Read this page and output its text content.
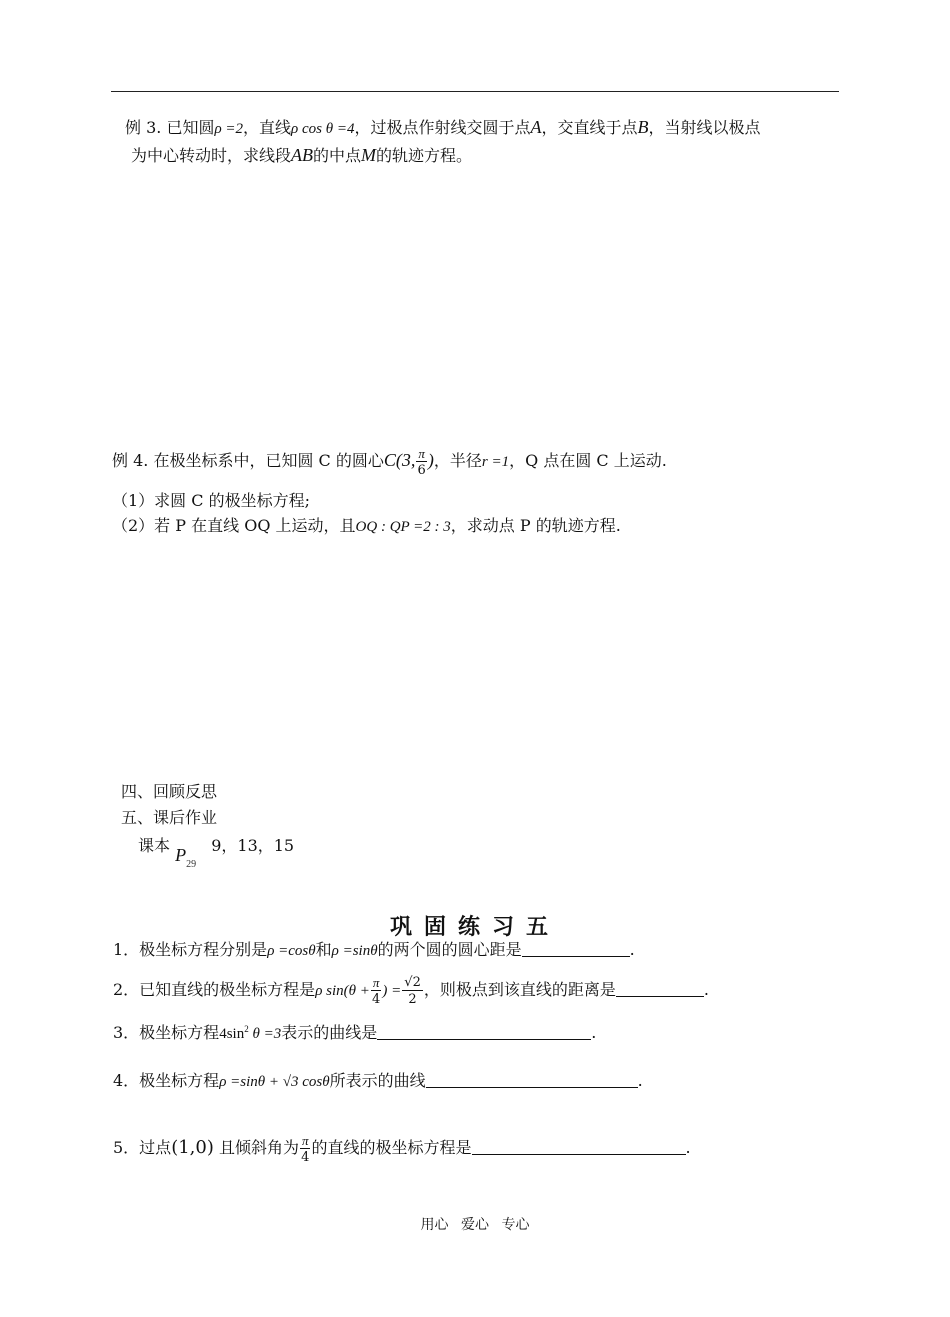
例 3. 已知圆ρ =2，直线ρ cos θ =4，过极点作射线交圆于点A，交直线于点B，当射线以极点
为中心转动时，求线段AB的中点M的轨迹方程。
例 4. 在极坐标系中，已知圆 C 的圆心C(3, $\frac{\pi}{6}$ )，半径r =1，Q 点在圆 C 上运动.
（1）求圆 C 的极坐标方程;
（2）若 P 在直线 OQ 上运动，且OQ : QP =2 : 3，求动点 P 的轨迹方程.
四、回顾反思
五、课后作业
课本 $P_{29}$ 9，13，15
巩固练习五
1．极坐标方程分别是ρ =cosθ和ρ =sinθ的两个圆的圆心距是	.
2．已知直线的极坐标方程是ρ $\sin(\theta + \frac{\pi}{4}$ ) = $\frac{√2}{2}$ ，则极点到该直线的距离是	.
3．极坐标方程$4\sin^2$ θ =3表示的曲线是	.
4．极坐标方程ρ =sinθ + √3 cosθ所表示的曲线	.
5．过点(1,0) 且倾斜角为 $\frac{\pi}{4}$ 的直线的极坐标方程是	.
用心 爱心 专心
